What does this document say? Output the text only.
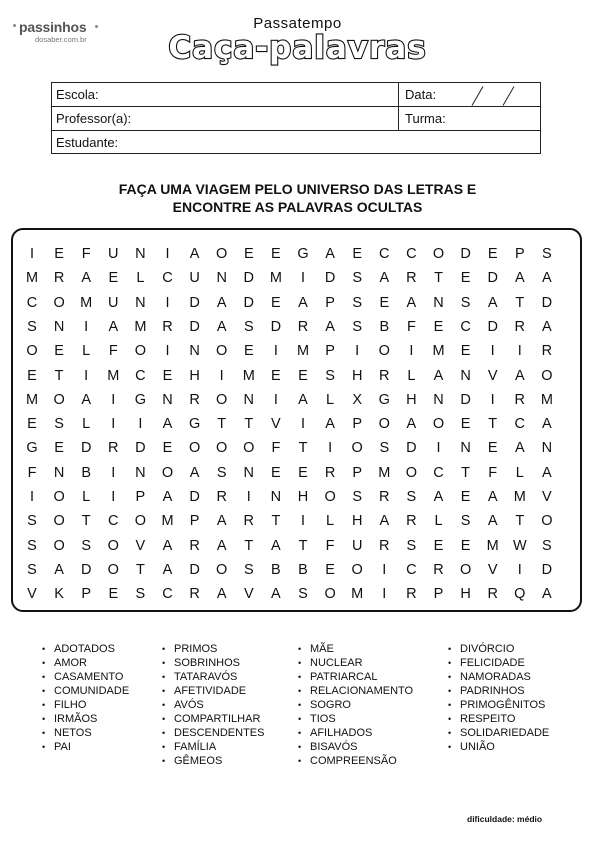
passinhos
dosaber.com.br
Passatempo
Caça-palavras
Escola:	Data:
Professor(a):	Turma:
Estudante:
FAÇA UMA VIAGEM PELO UNIVERSO DAS LETRAS E
ENCONTRE AS PALAVRAS OCULTAS
I	E	F	U	N	I	A	O	E	E	G	A	E	C	C	O	D	E	P	S
M	R	A	E	L	C	U	N	D	M	I	D	S	A	R	T	E	D	A	A
C	O	M	U	N	I	D	A	D	E	A	P	S	E	A	N	S	A	T	D
S	N	I	A	M	R	D	A	S	D	R	A	S	B	F	E	C	D	R	A
O	E	L	F	O	I	N	O	E	I	M	P	I	O	I	M	E	I	I	R
E	T	I	M	C	E	H	I	M	E	E	S	H	R	L	A	N	V	A	O
M	O	A	I	G	N	R	O	N	I	A	L	X	G	H	N	D	I	R	M
E	S	L	I	I	A	G	T	T	V	I	A	P	O	A	O	E	T	C	A
G	E	D	R	D	E	O	O	O	F	T	I	O	S	D	I	N	E	A	N
F	N	B	I	N	O	A	S	N	E	E	R	P	M	O	C	T	F	L	A
I	O	L	I	P	A	D	R	I	N	H	O	S	R	S	A	E	A	M	V
S	O	T	C	O	M	P	A	R	T	I	L	H	A	R	L	S	A	T	O
S	O	S	O	V	A	R	A	T	A	T	F	U	R	S	E	E	M W	S
S	A	D	O	T	A	D	O	S	B	B	E	O	I	C	R	O	V	I	D
V	K	P	E	S	C	R	A	V	A	S	O	M	I	R	P	H	R	Q	A
• ADOTADOS
• AMOR
• CASAMENTO
• COMUNIDADE
• FILHO
• IRMÃOS
• NETOS
• PAI
• PRIMOS
• SOBRINHOS
• TATARAVÓS
• AFETIVIDADE
• AVÓS
• COMPARTILHAR
• DESCENDENTES
• FAMÍLIA
• GÊMEOS
• MÃE
• NUCLEAR
• PATRIARCAL
• RELACIONAMENTO
• SOGRO
• TIOS
• AFILHADOS
• BISAVÓS
• COMPREENSÃO
• DIVÓRCIO
• FELICIDADE
• NAMORADAS
• PADRINHOS
• PRIMOGÊNITOS
• RESPEITO
• SOLIDARIEDADE
• UNIÃO
dificuldade: médio
